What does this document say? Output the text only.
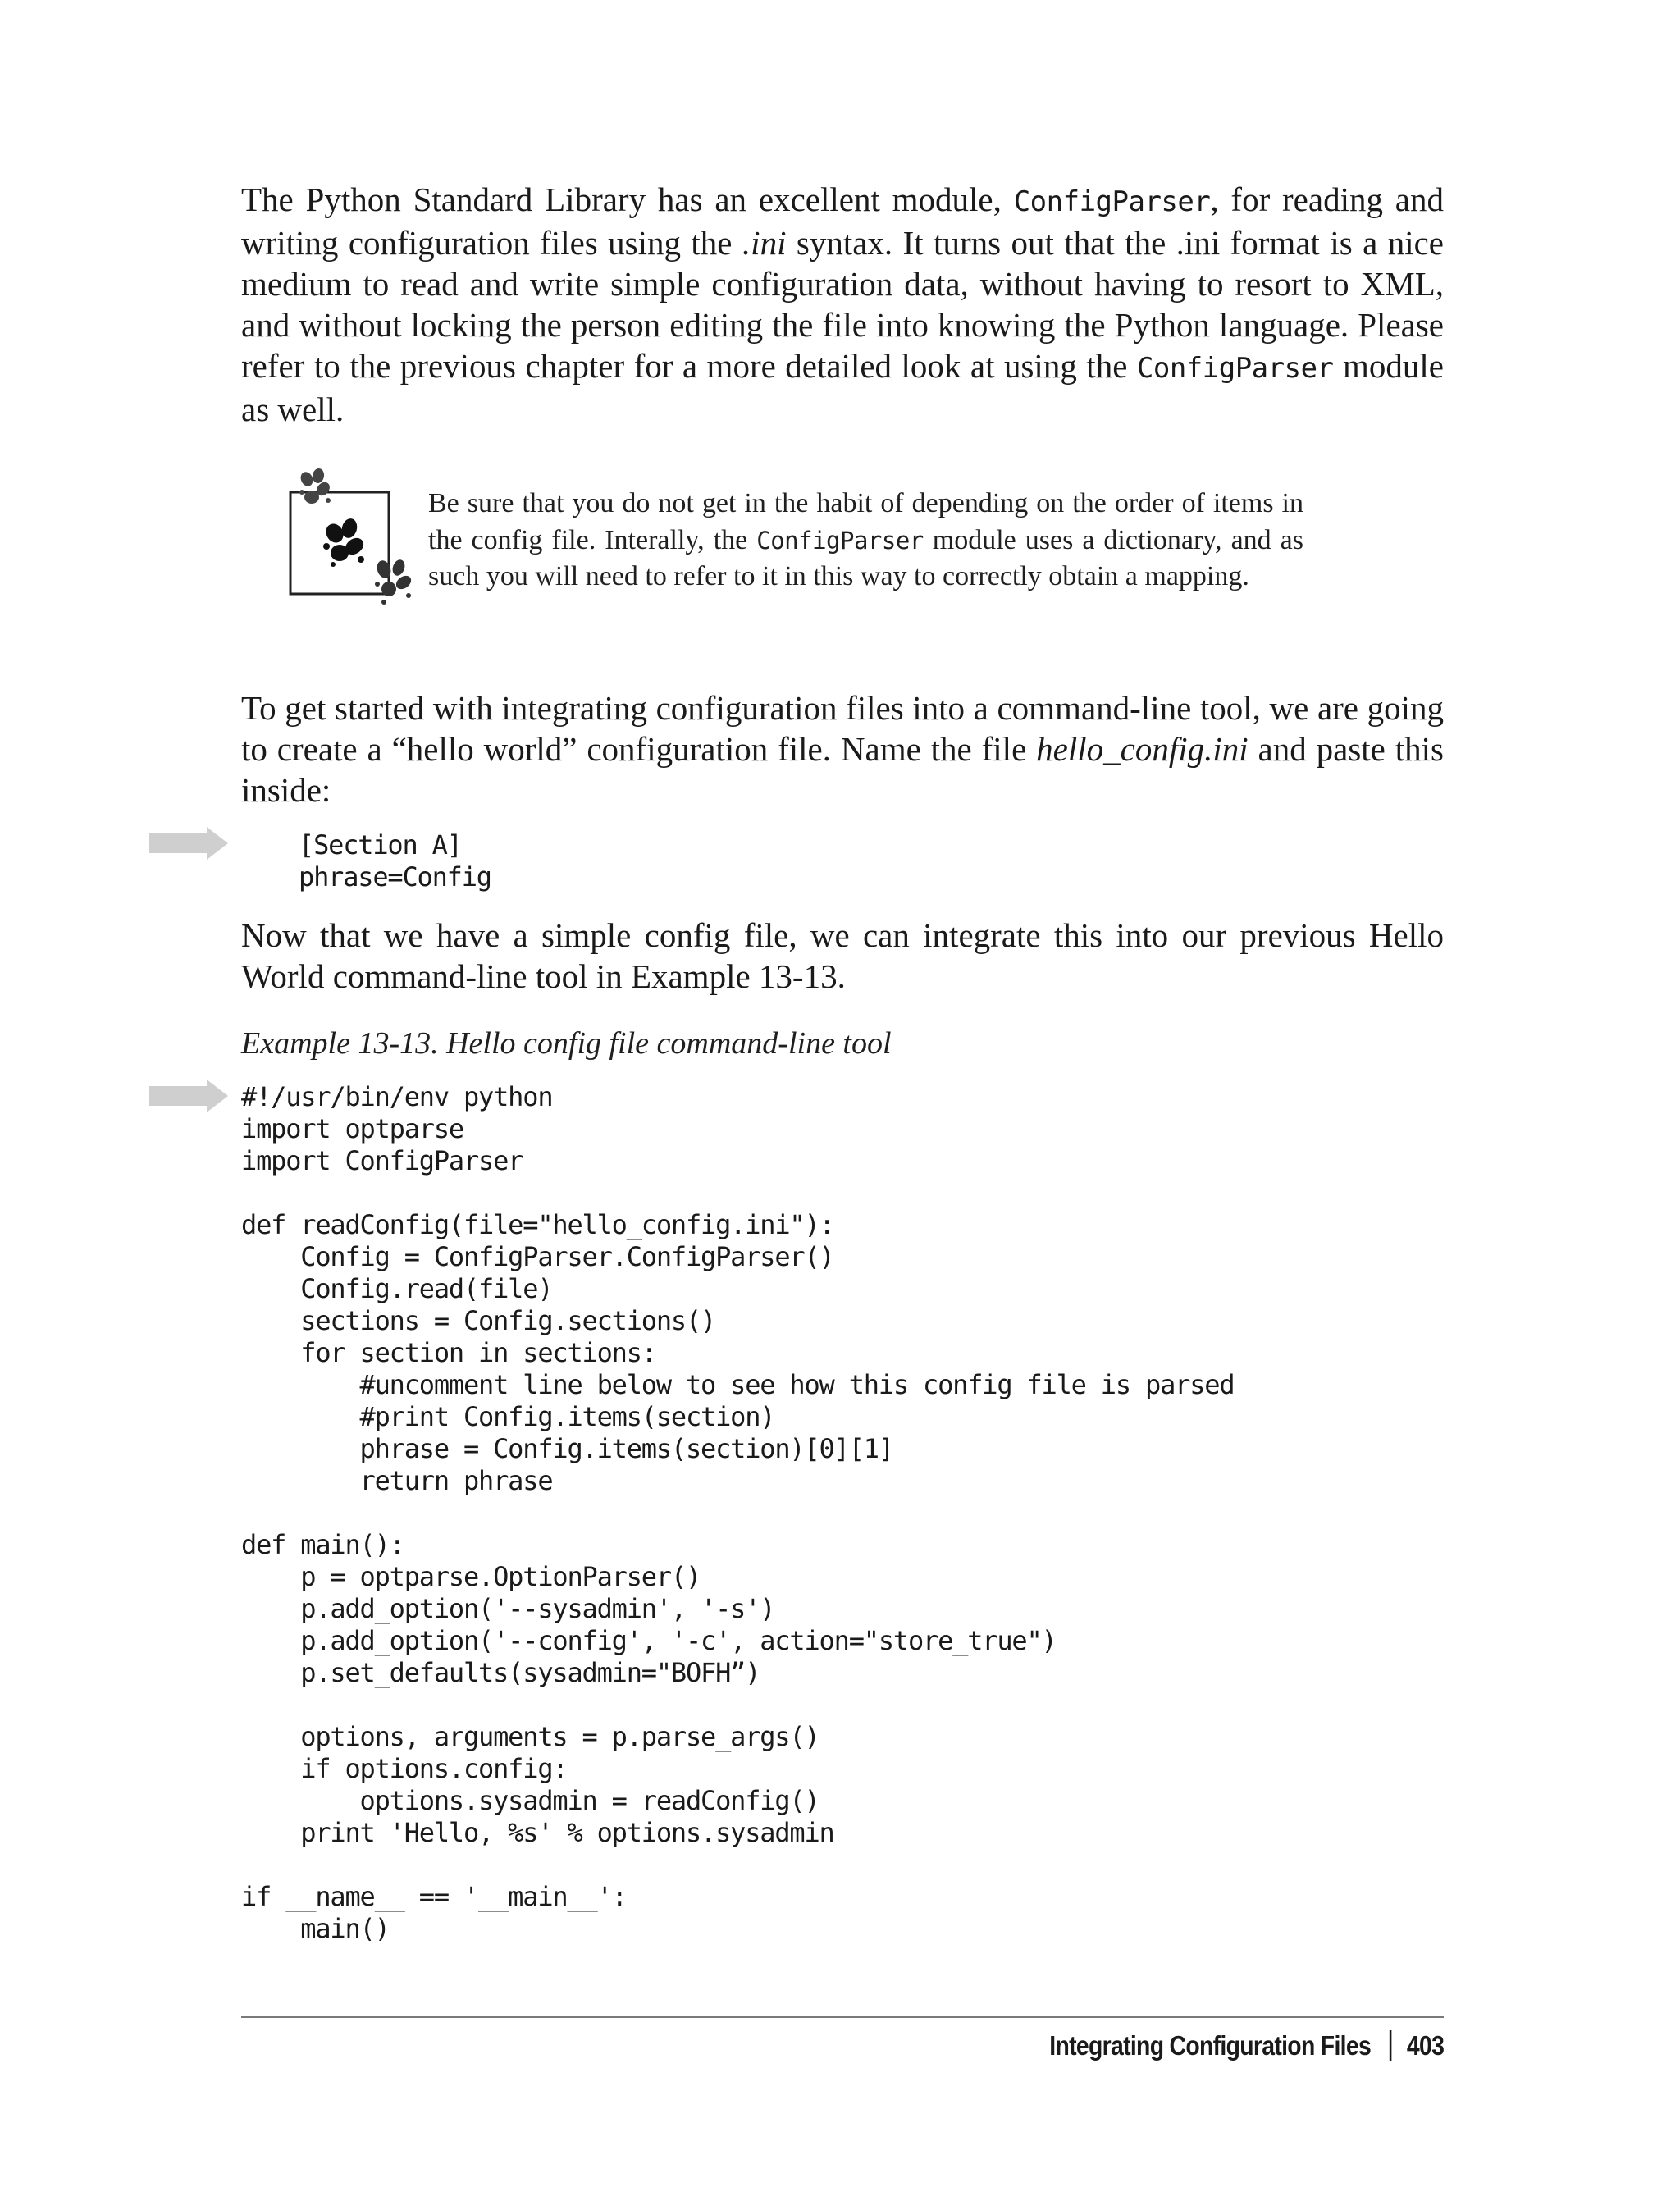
The Python Standard Library has an excellent module, ConfigParser, for reading and writing configuration files using the .ini syntax. It turns out that the .ini format is a nice medium to read and write simple configuration data, without having to resort to XML, and without locking the person editing the file into knowing the Python language. Please refer to the previous chapter for a more detailed look at using the ConfigParser module as well.

Be sure that you do not get in the habit of depending on the order of items in the config file. Interally, the ConfigParser module uses a dictionary, and as such you will need to refer to it in this way to correctly obtain a mapping.

To get started with integrating configuration files into a command-line tool, we are going to create a “hello world” configuration file. Name the file hello_config.ini and paste this inside:

[Section A]
phrase=Config

Now that we have a simple config file, we can integrate this into our previous Hello World command-line tool in Example 13-13.

Example 13-13. Hello config file command-line tool

#!/usr/bin/env python
import optparse
import ConfigParser
def readConfig(file="hello_config.ini"):
Config = ConfigParser.ConfigParser()
Config.read(file)
sections = Config.sections()
for section in sections:
#uncomment line below to see how this config file is parsed
#print Config.items(section)
phrase = Config.items(section)[0][1]
return phrase
def main():
p = optparse.OptionParser()
p.add_option('--sysadmin', '-s')
p.add_option('--config', '-c', action="store_true")
p.set_defaults(sysadmin="BOFH”)
options, arguments = p.parse_args()
if options.config:
options.sysadmin = readConfig()
print 'Hello, %s' % options.sysadmin
if __name__ == '__main__':
main()
Integrating Configuration Files 403
